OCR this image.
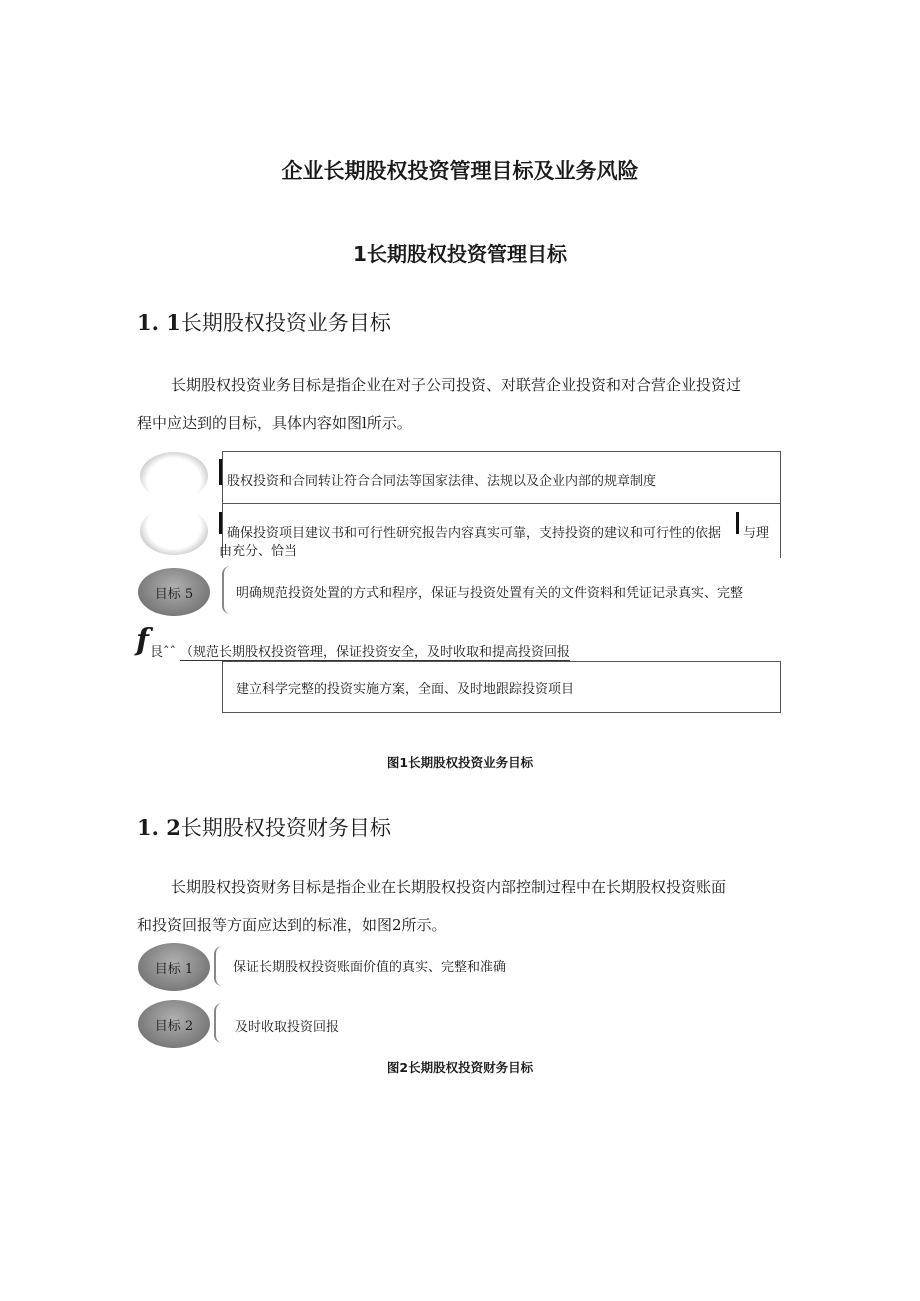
企业长期股权投资管理目标及业务风险
1长期股权投资管理目标
1. 1长期股权投资业务目标
长期股权投资业务目标是指企业在对子公司投资、对联营企业投资和对合营企业投资过
程中应达到的目标，具体内容如图l所示。
股权投资和合同转让符合合同法等国家法律、法规以及企业内部的规章制度
确保投资项目建议书和可行性研究报告内容真实可靠，支持投资的建议和可行性的依据 与理
由充分、恰当
目标 5	明确规范投资处置的方式和程序，保证与投资处置有关的文件资料和凭证记录真实、完整
f 艮ˆˆ （规范长期股权投资管理，保证投资安全，及时收取和提高投资回报
建立科学完整的投资实施方案，全面、及时地跟踪投资项目
图1长期股权投资业务目标
1. 2长期股权投资财务目标
长期股权投资财务目标是指企业在长期股权投资内部控制过程中在长期股权投资账面
和投资回报等方面应达到的标准，如图2所示。
目标 1	保证长期股权投资账面价值的真实、完整和准确
目标 2	及时收取投资回报
图2长期股权投资财务目标
